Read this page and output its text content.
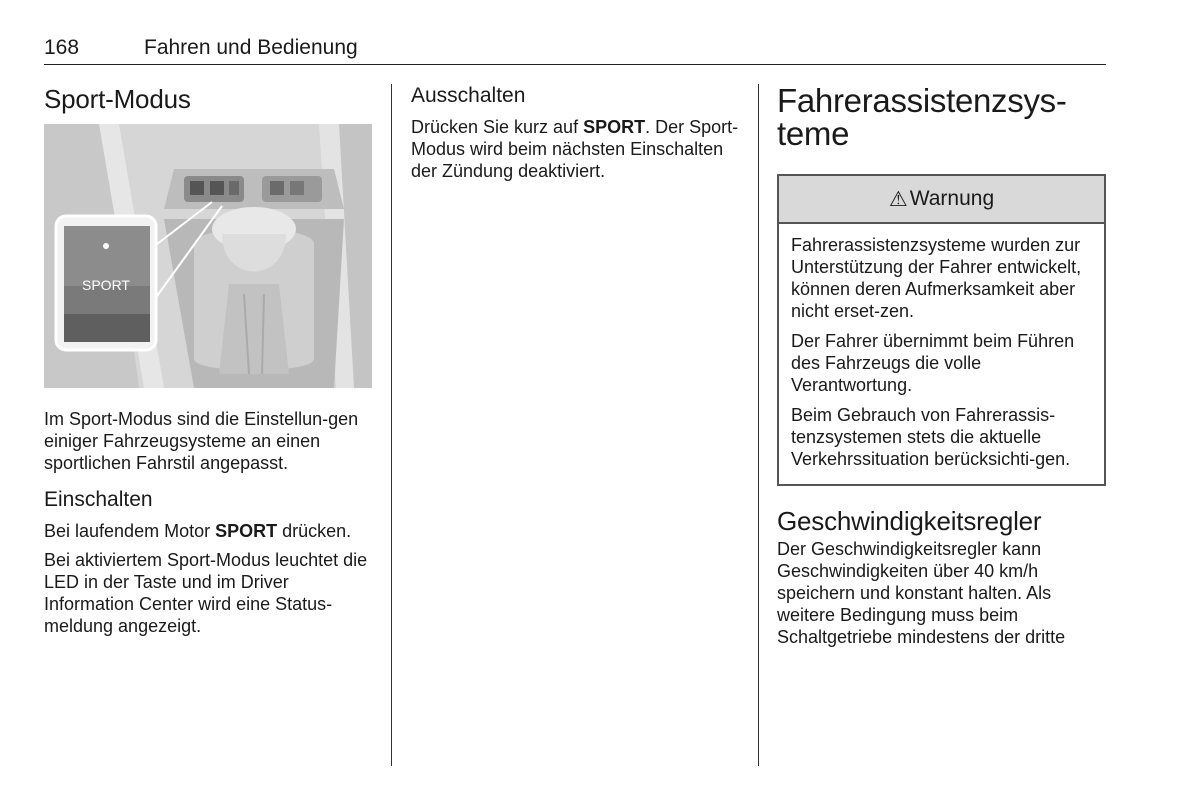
168	Fahren und Bedienung
Sport-Modus
SPORT

Im Sport-Modus sind die Einstellun-gen einiger Fahrzeugsysteme an einen sportlichen Fahrstil angepasst.

Einschalten

Bei laufendem Motor SPORT drücken.

Bei aktiviertem Sport-Modus leuchtet die LED in der Taste und im Driver Information Center wird eine Status-meldung angezeigt.

Ausschalten

Drücken Sie kurz auf SPORT. Der Sport-Modus wird beim nächsten Einschalten der Zündung deaktiviert.

Fahrerassistenzsys-teme
⚠ Warnung

Fahrerassistenzsysteme wurden zur Unterstützung der Fahrer entwickelt, können deren Aufmerksamkeit aber nicht erset-zen.

Der Fahrer übernimmt beim Führen des Fahrzeugs die volle Verantwortung.

Beim Gebrauch von Fahrerassis-tenzsystemen stets die aktuelle Verkehrssituation berücksichti-gen.

Geschwindigkeitsregler

Der Geschwindigkeitsregler kann Geschwindigkeiten über 40 km/h speichern und konstant halten. Als weitere Bedingung muss beim Schaltgetriebe mindestens der dritte
